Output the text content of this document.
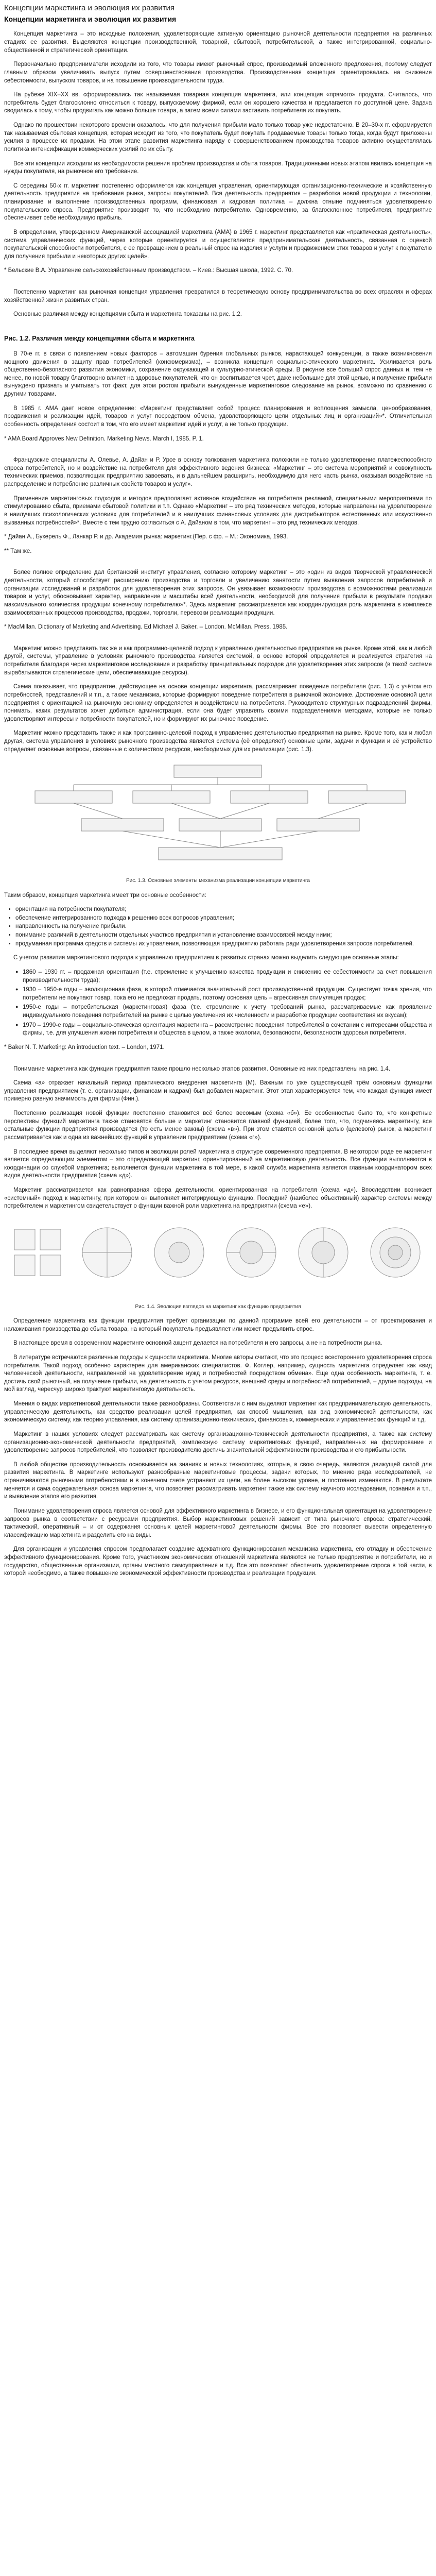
Концепции маркетинга и эволюция их развития
Концепции маркетинга и эволюция их развития

Концепция маркетинга – это исходные положения, удовлетворяющие активную ориентацию рыночной деятельности предприятия на различных стадиях ее развития. Выделяются концепции производственной, товарной, сбытовой, потребительской, а также интегрированной, социально-общественной и стратегической ориентации.

Первоначально предприниматели исходили из того, что товары имеют рыночный спрос, производимый вложенного предложения, поэтому следует главным образом увеличивать выпуск путем совершенствования производства. Производственная концепция ориентировалась на снижение себестоимости, выпуском товаров, и на повышение производительности труда.

На рубеже XIX–XX вв. сформировались так называемая товарная концепция маркетинга, или концепция «прямого» продукта. Считалось, что потребитель будет благосклонно относиться к товару, выпускаемому фирмой, если он хорошего качества и предлагается по доступной цене. Задача сводилась к тому, чтобы продвигать как можно больше товара, а затем всеми силами заставить потребителя их покупать.

Однако по прошествии некоторого времени оказалось, что для получения прибыли мало только товар уже недостаточно. В 20–30-х гг. сформируется так называемая сбытовая концепция, которая исходит из того, что покупатель будет покупать продаваемые товары только тогда, когда будут приложены усилия в процессе их продажи. На этом этапе развития маркетинга наряду с совершенствованием производства товаров активно осуществлялась политика интенсификации коммерческих усилий по их сбыту.

Все эти концепции исходили из необходимости решения проблем производства и сбыта товаров. Традиционными новых этапом явилась концепция на нужды покупателя, на рыночное его требование.

С середины 50-х гг. маркетинг постепенно оформляется как концепция управления, ориентирующая организационно-технические и хозяйственную деятельность предприятия на требования рынка, запросы покупателей. Вся деятельность предприятия – разработка новой продукции и технологии, планирование и выполнение производственных программ, финансовая и кадровая политика – должна отныне подчиняться удовлетворению покупательского спроса. Предприятие производит то, что необходимо потребителю. Одновременно, за благосклонное потребителя, предприятие обеспечивает себе необходимую прибыль.

В определении, утвержденном Американской ассоциацией маркетинга (AMA) в 1965 г. маркетинг представляется как «практическая деятельность», система управленческих функций, через которые ориентируется и осуществляется предпринимательская деятельность, связанная с оценкой покупательской способности потребителя, с ее превращением в реальный спрос на изделия и услуги и продвижением этих товаров и услуг к покупателю для получения прибыли и некоторых других целей».

* Бельские В.А. Управление сельскохозяйственным производством. – Киев.: Высшая школа, 1992. С. 70.

Постепенно маркетинг как рыночная концепция управления превратился в теоретическую основу предпринимательства во всех отраслях и сферах хозяйственной жизни развитых стран.

Основные различия между концепциями сбыта и маркетинга показаны на рис. 1.2.

Рис. 1.2. Различия между концепциями сбыта и маркетинга

В 70-е гг. в связи с появлением новых факторов – автомашин бурения глобальных рынков, нарастающей конкуренции, а также возникновения мощного движения в защиту прав потребителей (консюмеризма), – возникла концепция социально-этического маркетинга. Усиливается роль общественно-безопасного развития экономики, сохранение окружающей и культурно-этической среды. В рисунке все больший спрос данных и, тем не менее, по новой товару благотворно влияет на здоровье покупателей, что он воспитывается чрет, даже небольшие для этой целью, и получение прибыли вынуждено признать и учитывать тот факт, для этом ростом прибыли вынужденные маркетинговое следование на рынок, возможно по сравнению с другими товарами.

В 1985 г. AMA дает новое определение: «Маркетинг представляет собой процесс планирования и воплощения замысла, ценообразования, продвижения и реализации идей, товаров и услуг посредством обмена, удовлетворяющего цели отдельных лиц и организаций»*. Отличительная особенность определения состоит в том, что его имеет маркетинг идей и услуг, а не только продукции.

* AMA Board Approves New Definition. Marketing News. March I, 1985. P. 1.

Французские специалисты А. Олевье, А. Дайан и Р. Урсе в основу толкования маркетинга положили не только удовлетворение платежеспособного спроса потребителей, но и воздействие на потребителя для эффективного ведения бизнеса: «Маркетинг – это система мероприятий и совокупность технических приемов, позволяющих предприятию завоевать, и в дальнейшем расширить, необходимую для него часть рынка, оказывая воздействие на распределение и потребление различных свойств товаров и услуг».

Применение маркетинговых подходов и методов предполагает активное воздействие на потребителя рекламой, специальными мероприятиями по стимулированию сбыта, приемами сбытовой политики и т.п. Однако «Маркетинг – это ряд технических методов, которые направлены на удовлетворение в наилучших психологических условиях для потребителей и в наилучших финансовых условиях для дистрибьюторов естественных или искусственно вызванных потребностей»*. Вместе с тем трудно согласиться с А. Дайаном в том, что маркетинг – это ряд технических методов.

* Дайан А., Букерель Ф., Ланкар Р. и др. Академия рынка: маркетинг.(Пер. с фр. – М.: Экономика, 1993.

** Там же.

Более полное определение дал британский институт управления, согласно которому маркетинг – это «один из видов творческой управленческой деятельности, который способствует расширению производства и торговли и увеличению занятости путем выявления запросов потребителей и организации исследований и разработок для удовлетворения этих запросов. Он увязывает возможности производства с возможностями реализации товаров и услуг, обосновывает характер, направление и масштабы всей деятельности, необходимой для получения прибыли в результате продажи максимального количества продукции конечному потребителю»*. Здесь маркетинг рассматривается как координирующая роль маркетинга в комплексе взаимосвязанных процессов производства, продажи, торговли, перевозки реализации продукции.

* MacMillan. Dictionary of Marketing and Advertising. Ed Michael J. Baker. – London. McMillan. Press, 1985.

Маркетинг можно представить так же и как программно-целевой подход к управлению деятельностью предприятия на рынке. Кроме этой, как и любой другой, системы, управление в условиях рыночного производства является системой, в основе которой определяется и реализуется стратегия на потребителя благодаря через маркетинговое исследование и разработку принципиальных подходов для удовлетворения этих запросов (в такой системе вырабатываются стратегические цели, обеспечивающие ресурсы).

Схема показывает, что предприятие, действующее на основе концепции маркетинга, рассматривает поведение потребителя (рис. 1.3) с учётом его потребностей, представлений и т.п., а также механизма, которые формируют поведение потребителя в рыночной экономике. Достижение основной цели предприятия с ориентацией на рыночную экономику определяется и воздействием на потребителя. Руководителю структурных подразделений фирмы, понимать, каких результатов хочет добиться администрация, если она будет управлять своими подразделениями методами, которые не только удовлетворяют интересы и потребности покупателей, но и формируют их рыночное поведение.

Маркетинг можно представить также и как программно-целевой подход к управлению деятельностью предприятия на рынке. Кроме того, как и любая другая, система управления в условиях рыночного производства является система (её определяет) основные цели, задачи и функции и её устройство определяет основные вопросы, связанные с количеством ресурсов, необходимых для их реализации (рис. 1.3).

Рис. 1.3. Основные элементы механизма реализации концепции маркетинга

Таким образом, концепция маркетинга имеет три основные особенности:

• ориентация на потребности покупателя;
• обеспечение интегрированного подхода к решению всех вопросов управления;
• направленность на получение прибыли.
• понимание различий в деятельности отдельных участков предприятия и установление взаимосвязей между ними;
• продуманная программа средств и системы их управления, позволяющая предприятию работать ради удовлетворения запросов потребителей.

С учетом развития маркетингового подхода к управлению предприятием в развитых странах можно выделить следующие основные этапы:

● 1860 – 1930 гг. – продажная ориентация (т.е. стремление к улучшению качества продукции и снижению ее себестоимости за счет повышения производительности труда);
● 1930 – 1950-е годы – эволюционная фаза, в которой отмечается значительный рост производственной продукции. Существует точка зрения, что потребители не покупают товар, пока его не предложат продать, поэтому основная цель – агрессивная стимуляция продаж;
● 1950-е годы – потребительская (маркетинговая) фаза (т.е. стремление к учету требований рынка, рассматриваемые как проявление индивидуального поведения потребителей на рынке с целью увеличения их численности и разработке продукции соответствия их вкусам);
● 1970 – 1990-е годы – социально-этическая ориентация маркетинга – рассмотрение поведения потребителей в сочетании с интересами общества и фирмы, т.е. для улучшения жизни потребителя и общества в целом, а также экологии, безопасности, безопасности здоровья потребителя.

* Baker N. T. Marketing: An introduction text. – London, 1971.

Понимание маркетинга как функции предприятия также прошло несколько этапов развития. Основные из них представлены на рис. 1.4.

Схема «а» отражает начальный период практического внедрения маркетинга (М). Важным по уже существующей трём основным функциям управления предприятием (т. е. организации, финансам и кадрам) был добавлен маркетинг. Этот этап характеризуется тем, что каждая функция имеет примерно равную значимость для фирмы (Фин.).

Постепенно реализация новой функции постепенно становится всё более весомым (схема «б»). Ее особенностью было то, что конкретные перспективы функций маркетинга также становятся больше и маркетинг становится главной функцией, более того, что, подчиняясь маркетингу, все остальные функции предприятия производятся (то есть менее важны) (схема «в»). При этом ставятся основной целью (целевого) рынок, а маркетинг рассматривается как и одна из важнейших функций в управлении предприятием (схема «г»).

В последнее время выделяют несколько типов и эволюции ролей маркетинга в структуре современного предприятия. В некотором роде ее маркетинг является определяющим элементом – это определяющий маркетинг, ориентированный на маркетинговую деятельность. Все функции выполняются в координации со службой маркетинга; выполняется функции маркетинга в той мере, в какой служба маркетинга является главным координатором всех видов деятельности предприятия (схема «д»).

Маркетинг рассматривается как равноправная сфера деятельности, ориентированная на потребителя (схема «д»). Впоследствии возникает «системный» подход к маркетингу, при котором он выполняет интегрирующую функцию. Последний (наиболее объективный) характер системы между потребителем и маркетингом свидетельствует о функции важной роли маркетинга на предприятии (схема «е»).

Рис. 1.4. Эволюция взглядов на маркетинг как функцию предприятия

Определение маркетинга как функции предприятия требует организации по данной программе всей его деятельности – от проектирования и налаживания производства до сбыта товара, на который покупатель предъявляет или может предъявить спрос.

В настоящее время в современном маркетинге основной акцент делается на потребителя и его запросы, а не на потребности рынка.

В литературе встречаются различные подходы к сущности маркетинга. Многие авторы считают, что это процесс всестороннего удовлетворения спроса потребителя. Такой подход особенно характерен для американских специалистов. Ф. Котлер, например, сущность маркетинга определяет как «вид человеческой деятельности, направленной на удовлетворение нужд и потребностей посредством обмена». Еще одна особенность маркетинга, т. е. достичь свой рыночный, на получение прибыли, на деятельность с учетом ресурсов, внешней среды и потребностей потребителей, – другие подходы, на мой взгляд, чересчур широко трактуют маркетинговую деятельность.

Мнения о видах маркетинговой деятельности также разнообразны. Соответствии с ним выделяют маркетинг как предпринимательскую деятельность, управленческую деятельность, как средство реализации целей предприятия, как способ мышления, как вид экономической деятельности, как экономическую систему, как теорию управления, как систему организационно-технических, финансовых, коммерческих и управленческих функций и т.д.

Маркетинг в наших условиях следует рассматривать как систему организационно-технической деятельности предприятия, а также как систему организационно-экономической деятельности предприятий, комплексную систему маркетинговых функций, направленных на формирование и удовлетворение запросов потребителей, что позволяет производителю достичь значительной эффективности производства и его прибыльности.

В любой обществе производительность основывается на знаниях и новых технологиях, которые, в свою очередь, являются движущей силой для развития маркетинга. В маркетинге используют разнообразные маркетинговые процессы, задачи которых, по мнению ряда исследователей, не ограничиваются рыночными потребностями и в конечном счете устраняют их цели, на более высоком уровне, и постоянно изменяются. В результате меняется и сама содержательная основа маркетинга, что позволяет рассматривать маркетинг также как систему научного исследования, познания и т.п., и выявление этапов его развития.

Понимание удовлетворения спроса является основой для эффективного маркетинга в бизнесе, и его функциональная ориентация на удовлетворение запросов рынка в соответствии с ресурсами предприятия. Выбор маркетинговых решений зависит от типа рыночного спроса: стратегический, тактический, оперативный – и от содержания основных целей маркетинговой деятельности фирмы. Все это позволяет вывести определенную классификацию маркетинга и разделить его на виды.

Для организации и управления спросом предполагает создание адекватного функционирования механизма маркетинга, его отладку и обеспечение эффективного функционирования. Кроме того, участником экономических отношений маркетинга являются не только предприятие и потребители, но и государство, общественные организации, органы местного самоуправления и т.д. Все это позволяет обеспечить удовлетворение спроса в той части, в которой необходимо, а также повышение экономической эффективности производства и реализации продукции.
